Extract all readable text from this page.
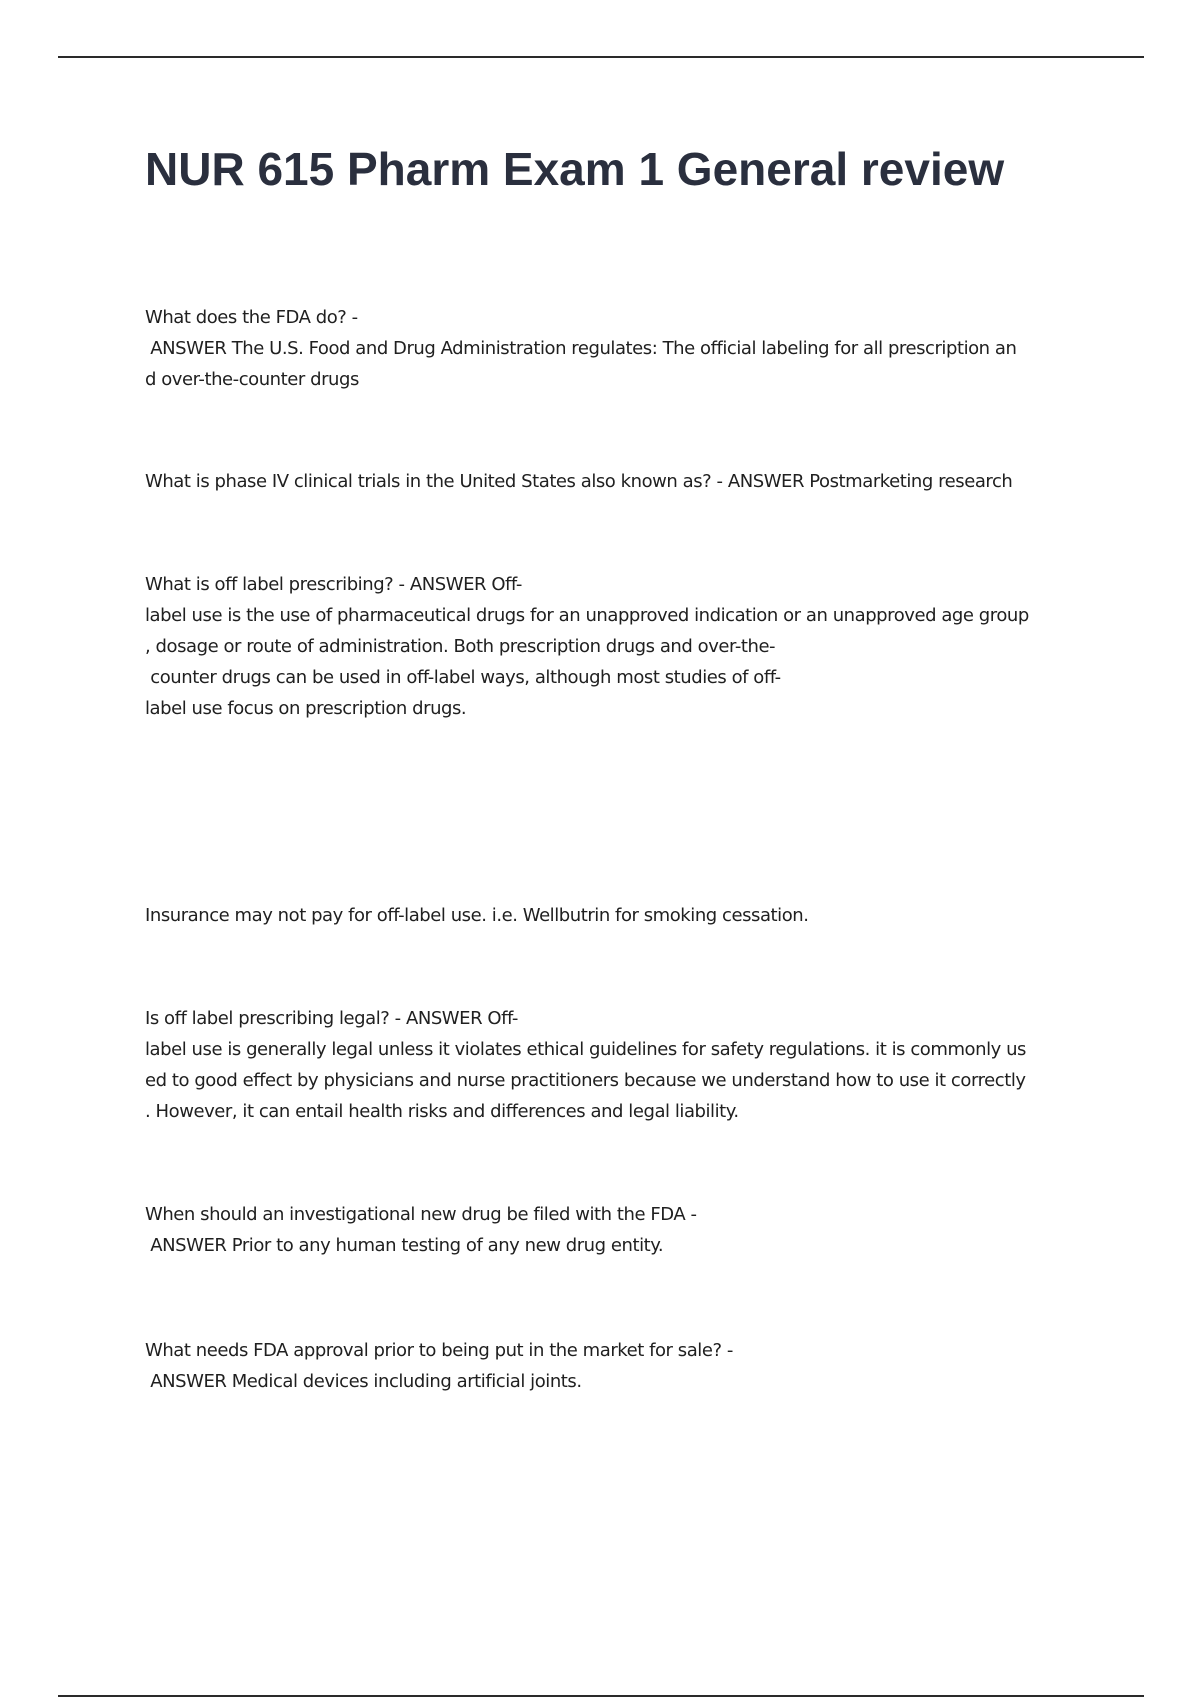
NUR 615 Pharm Exam 1 General review
What does the FDA do? -
ANSWER The U.S. Food and Drug Administration regulates: The official labeling for all prescription an
d over-the-counter drugs
What is phase IV clinical trials in the United States also known as? - ANSWER Postmarketing research
What is off label prescribing? - ANSWER Off-
label use is the use of pharmaceutical drugs for an unapproved indication or an unapproved age group
, dosage or route of administration. Both prescription drugs and over-the-
counter drugs can be used in off-label ways, although most studies of off-
label use focus on prescription drugs.
Insurance may not pay for off-label use. i.e. Wellbutrin for smoking cessation.
Is off label prescribing legal? - ANSWER Off-
label use is generally legal unless it violates ethical guidelines for safety regulations. it is commonly us
ed to good effect by physicians and nurse practitioners because we understand how to use it correctly
. However, it can entail health risks and differences and legal liability.
When should an investigational new drug be filed with the FDA -
ANSWER Prior to any human testing of any new drug entity.
What needs FDA approval prior to being put in the market for sale? -
ANSWER Medical devices including artificial joints.
